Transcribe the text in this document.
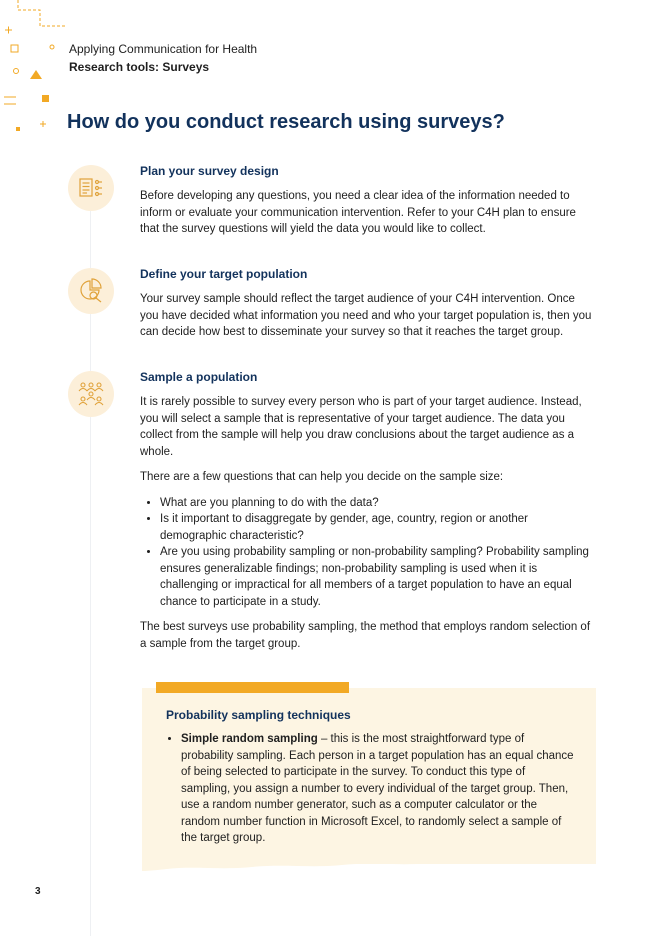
Applying Communication for Health
Research tools: Surveys
How do you conduct research using surveys?
Plan your survey design

Before developing any questions, you need a clear idea of the information needed to inform or evaluate your communication intervention. Refer to your C4H plan to ensure that the survey questions will yield the data you would like to collect.

Define your target population

Your survey sample should reflect the target audience of your C4H intervention. Once you have decided what information you need and who your target population is, then you can decide how best to disseminate your survey so that it reaches the target group.

Sample a population

It is rarely possible to survey every person who is part of your target audience. Instead, you will select a sample that is representative of your target audience. The data you collect from the sample will help you draw conclusions about the target audience as a whole.

There are a few questions that can help you decide on the sample size:

• What are you planning to do with the data?
• Is it important to disaggregate by gender, age, country, region or another demographic characteristic?
• Are you using probability sampling or non-probability sampling? Probability sampling ensures generalizable findings; non-probability sampling is used when it is challenging or impractical for all members of a target population to have an equal chance to participate in a study.

The best surveys use probability sampling, the method that employs random selection of a sample from the target group.

Probability sampling techniques
• Simple random sampling – this is the most straightforward type of probability sampling. Each person in a target population has an equal chance of being selected to participate in the survey. To conduct this type of sampling, you assign a number to every individual of the target group. Then, use a random number generator, such as a computer calculator or the random number function in Microsoft Excel, to randomly select a sample of the target group.
3
